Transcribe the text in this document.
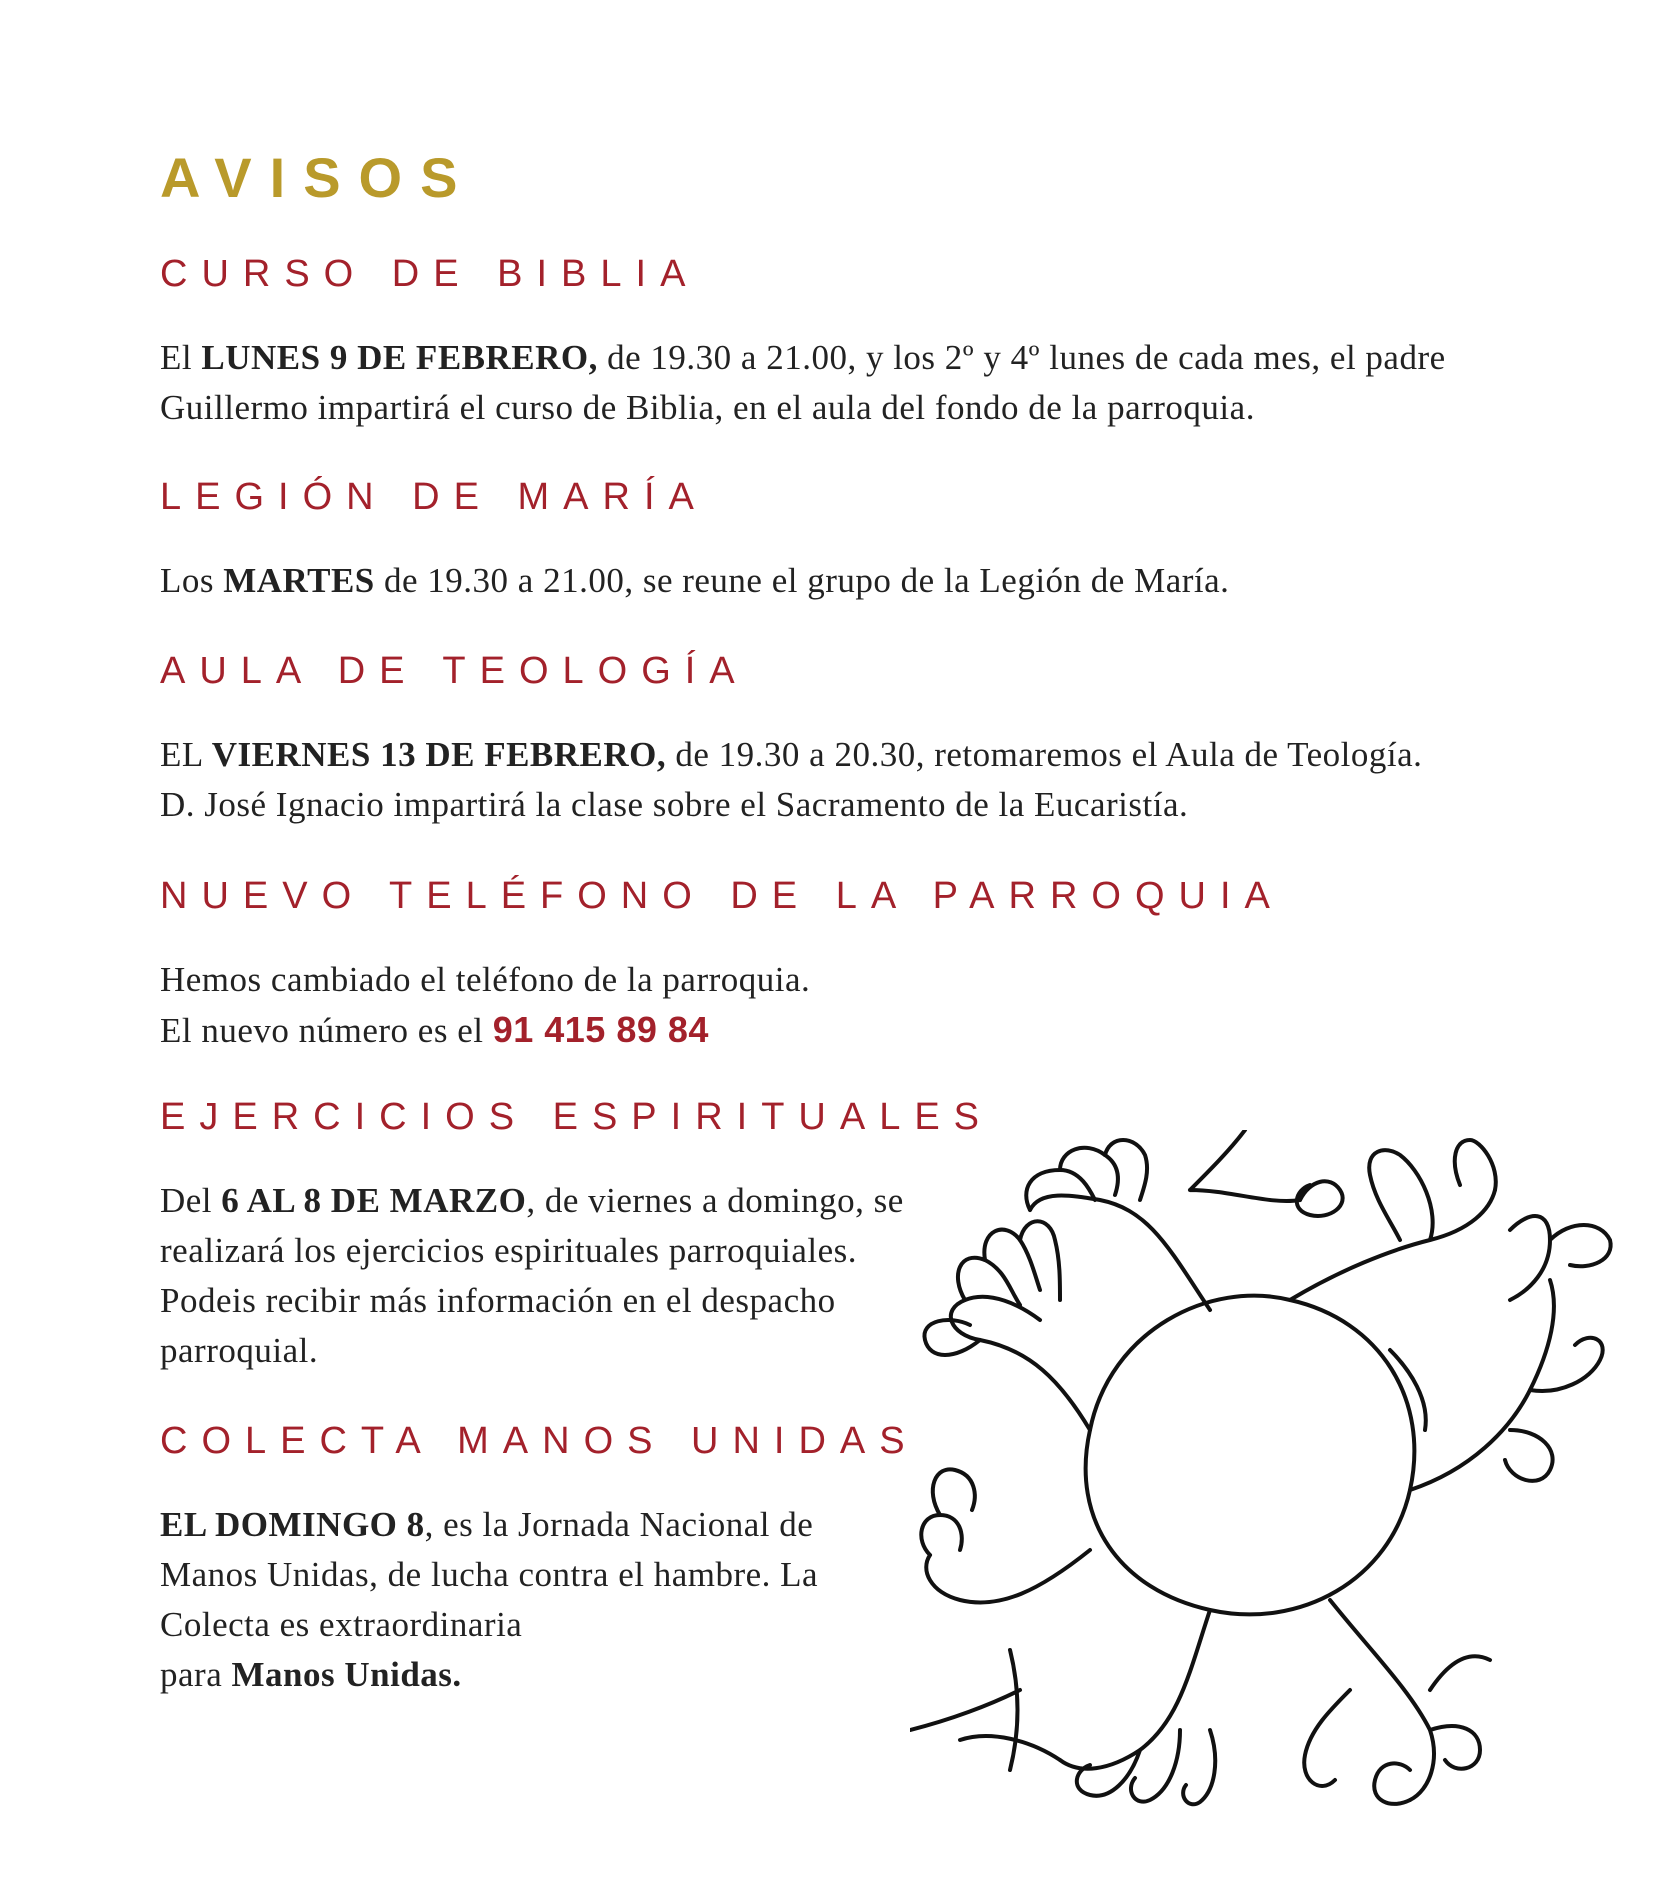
AVISOS
CURSO DE BIBLIA

El LUNES 9 DE FEBRERO, de 19.30 a 21.00, y los 2º y 4º lunes de cada mes, el padre

Guillermo impartirá el curso de Biblia, en el aula del fondo de la parroquia.

LEGIÓN DE MARÍA

Los MARTES de 19.30 a 21.00, se reune el grupo de la Legión de María.

AULA DE TEOLOGÍA

EL VIERNES 13 DE FEBRERO, de 19.30 a 20.30, retomaremos el Aula de Teología.

D. José Ignacio impartirá la clase sobre el Sacramento de la Eucaristía.

NUEVO TELÉFONO DE LA PARROQUIA

Hemos cambiado el teléfono de la parroquia.

El nuevo número es el 91 415 89 84

EJERCICIOS ESPIRITUALES

Del 6 AL 8 DE MARZO, de viernes a domingo, se

realizará los ejercicios espirituales parroquiales.

Podeis recibir más información en el despacho

parroquial.

COLECTA MANOS UNIDAS

EL DOMINGO 8, es la Jornada Nacional de

Manos Unidas, de lucha contra el hambre. La

Colecta es extraordinaria

para Manos Unidas.
